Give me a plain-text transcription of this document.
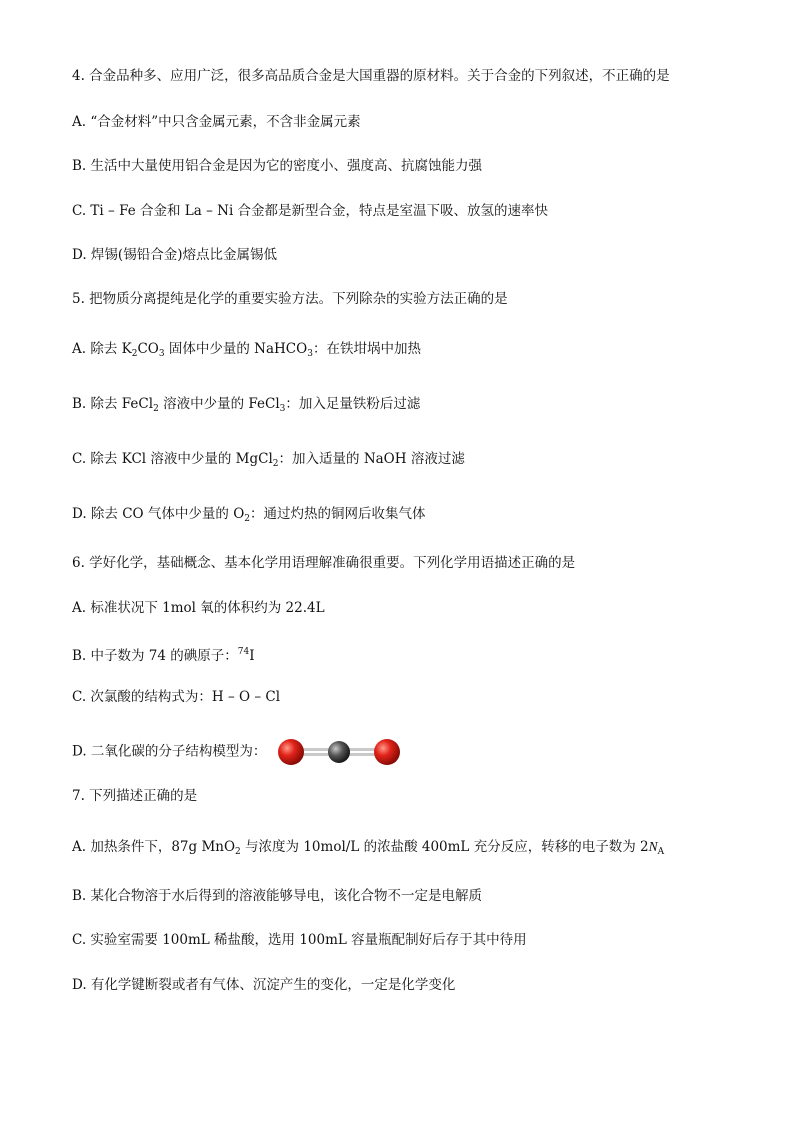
4. 合金品种多、应用广泛，很多高品质合金是大国重器的原材料。关于合金的下列叙述，不正确的是
A. “合金材料”中只含金属元素，不含非金属元素
B. 生活中大量使用铝合金是因为它的密度小、强度高、抗腐蚀能力强
C. Ti – Fe 合金和 La – Ni 合金都是新型合金，特点是室温下吸、放氢的速率快
D. 焊锡(锡铅合金)熔点比金属锡低
5. 把物质分离提纯是化学的重要实验方法。下列除杂的实验方法正确的是
A. 除去 $K_2CO_3$ 固体中少量的 NaHCO$_3$：在铁坩埚中加热
B. 除去 FeCl$_2$ 溶液中少量的 FeCl$_3$：加入足量铁粉后过滤
C. 除去 KCl 溶液中少量的 MgCl$_2$：加入适量的 NaOH 溶液过滤
D. 除去 CO 气体中少量的 $O_2$：通过灼热的铜网后收集气体
6. 学好化学，基础概念、基本化学用语理解准确很重要。下列化学用语描述正确的是
A. 标准状况下 1mol 氧的体积约为 22.4L
B. 中子数为 74 的碘原子：$^{74}$I
C. 次氯酸的结构式为：H – O – Cl
D. 二氧化碳的分子结构模型为：
7. 下列描述正确的是
A. 加热条件下，87g MnO$_2$ 与浓度为 10mol/L 的浓盐酸 400mL 充分反应，转移的电子数为 $2N_A$
B. 某化合物溶于水后得到的溶液能够导电，该化合物不一定是电解质
C. 实验室需要 100mL 稀盐酸，选用 100mL 容量瓶配制好后存于其中待用
D. 有化学键断裂或者有气体、沉淀产生的变化，一定是化学变化
